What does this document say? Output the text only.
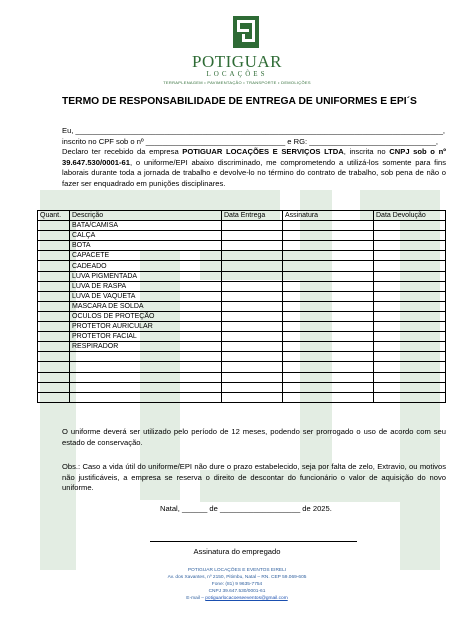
POTIGUAR
LOCAÇÕES
TERRAPLENAGEM • PAVIMENTAÇÃO • TRANSPORTE • DEMOLIÇÕES
TERMO DE RESPONSABILIDADE DE ENTREGA DE UNIFORMES E EPI´S
Eu, _______________________________________________________________________________________,
inscrito no CPF sob o nº _________________________________ e RG: ______________________________,
Declaro ter recebido da empresa POTIGUAR LOCAÇÕES E SERVIÇOS LTDA, inscrita no CNPJ sob o nº 39.647.530/0001-61, o uniforme/EPI abaixo discriminado, me comprometendo a utilizá-los somente para fins laborais durante toda a jornada de trabalho e devolve-lo no término do contrato de trabalho, sob pena de não o fazer ser enquadrado em punições disciplinares.
Quant.	Descrição	Data Entrega	Assinatura	Data Devolução
	BATA/CAMISA			
	CALÇA			
	BOTA			
	CAPACETE			
	CADEADO			
	LUVA PIGMENTADA			
	LUVA DE RASPA			
	LUVA DE VAQUETA			
	MASCARA DE SOLDA			
	OCULOS DE PROTEÇÃO			
	PROTETOR AURICULAR			
	PROTETOR FACIAL			
	RESPIRADOR			

O uniforme deverá ser utilizado pelo período de 12 meses, podendo ser prorrogado o uso de acordo com seu estado de conservação.
Obs.: Caso a vida útil do uniforme/EPI não dure o prazo estabelecido, seja por falta de zelo, Extravio, ou motivos não justificáveis, a empresa se reserva o direito de descontar do funcionário o valor de aquisição do novo uniforme.
Natal, ______ de ___________________ de 2025.
Assinatura do empregado
POTIGUAR LOCAÇÕES E EVENTOS EIRELI
Av. dos Xavantes, nº 2150, Pitimbu, Natal – RN. CEP 59.069-605
Fone: (81) 9 9635-7754
CNPJ 39.647.530/0001-61
E-mail – potiguarlocacoeseeventos@gmail.com
